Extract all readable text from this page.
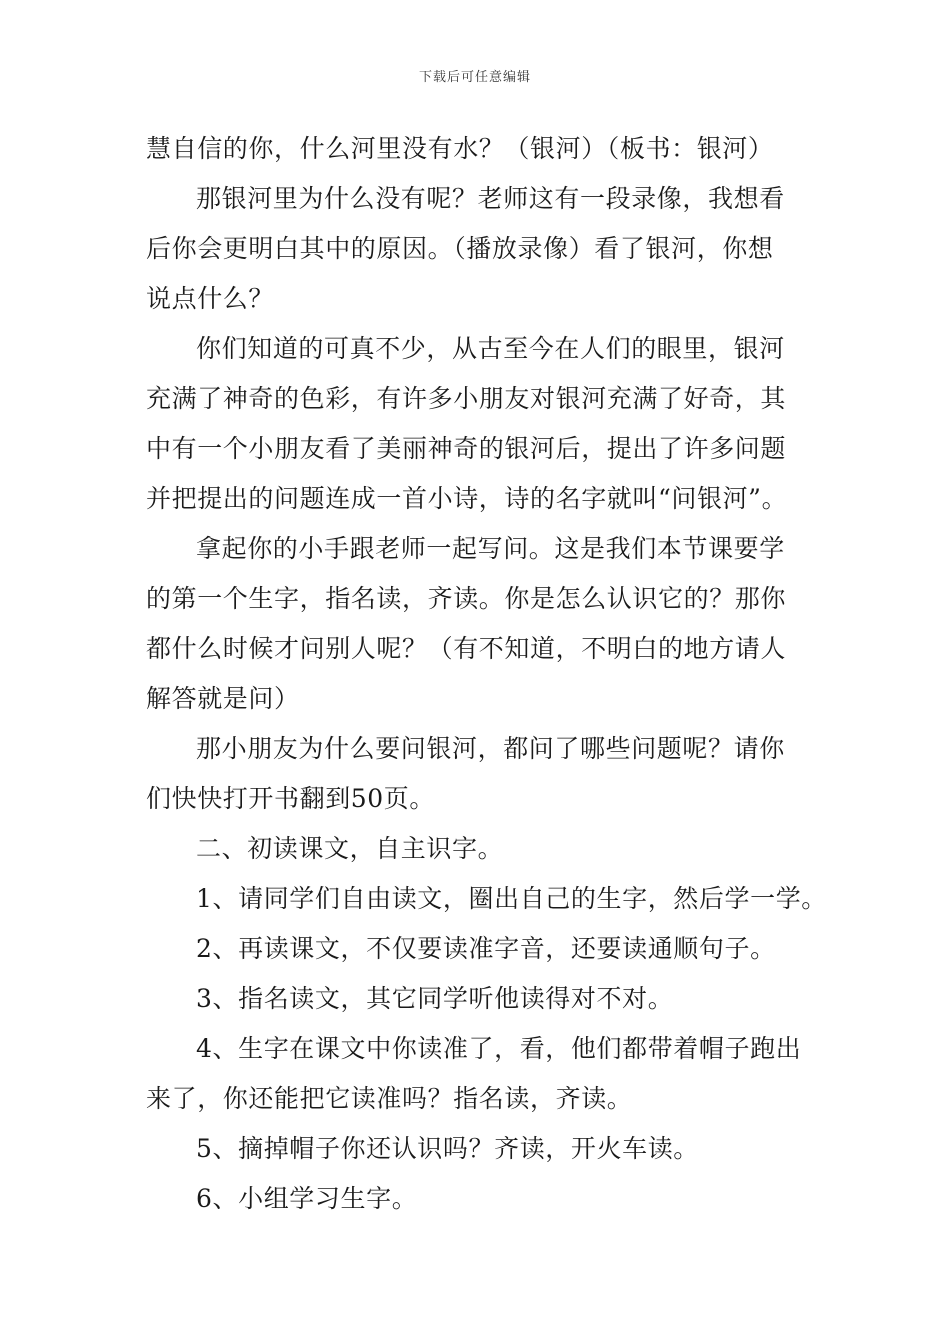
下载后可任意编辑
慧自信的你，什么河里没有水？（银河）（板书：银河）
那银河里为什么没有呢？老师这有一段录像，我想看
后你会更明白其中的原因。（播放录像）看了银河，你想
说点什么？
你们知道的可真不少，从古至今在人们的眼里，银河
充满了神奇的色彩，有许多小朋友对银河充满了好奇，其
中有一个小朋友看了美丽神奇的银河后，提出了许多问题
并把提出的问题连成一首小诗，诗的名字就叫“问银河”。
拿起你的小手跟老师一起写问。这是我们本节课要学
的第一个生字，指名读，齐读。你是怎么认识它的？那你
都什么时候才问别人呢？（有不知道，不明白的地方请人
解答就是问）
那小朋友为什么要问银河，都问了哪些问题呢？请你
们快快打开书翻到50页。
二、初读课文，自主识字。
1、请同学们自由读文，圈出自己的生字，然后学一学。
2、再读课文，不仅要读准字音，还要读通顺句子。
3、指名读文，其它同学听他读得对不对。
4、生字在课文中你读准了，看，他们都带着帽子跑出
来了，你还能把它读准吗？指名读，齐读。
5、摘掉帽子你还认识吗？齐读，开火车读。
6、小组学习生字。
